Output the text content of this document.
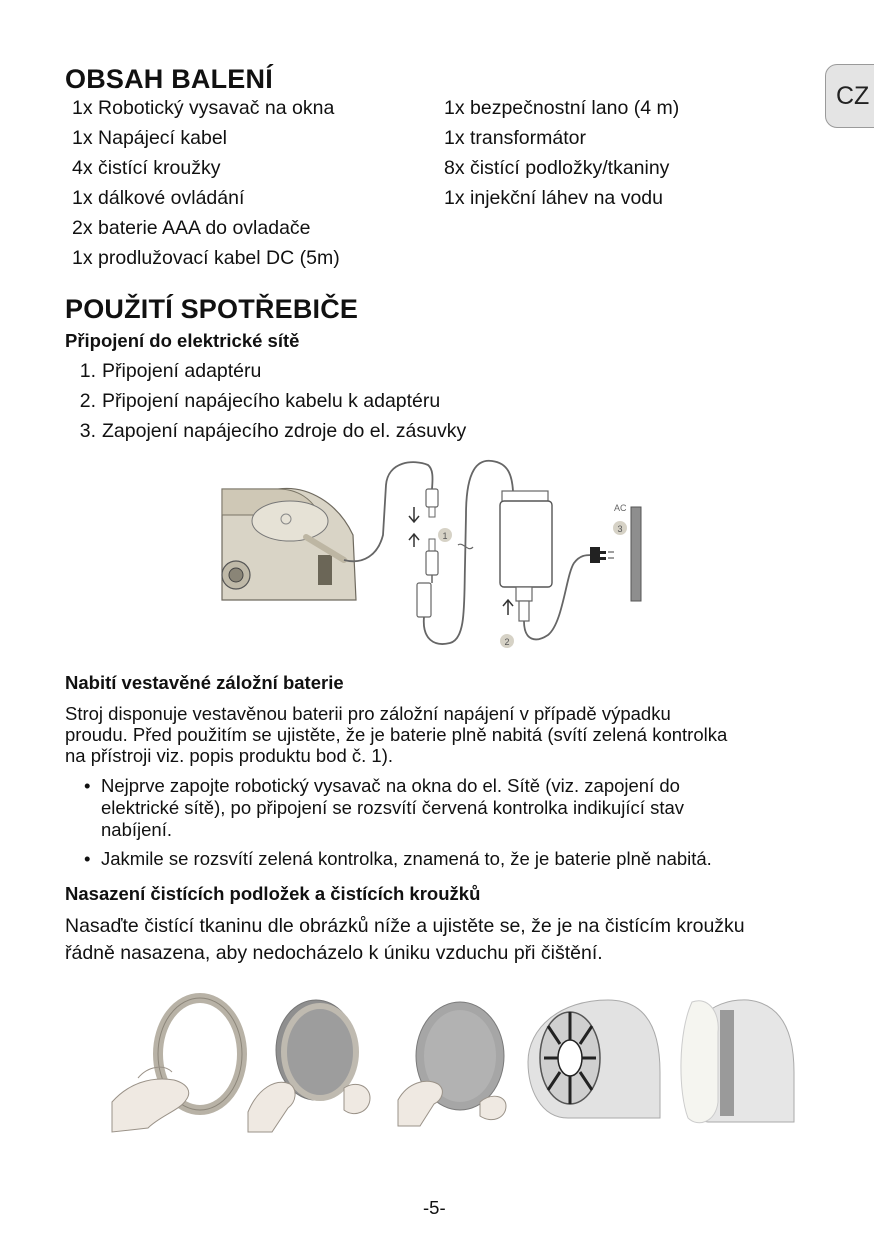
CZ
OBSAH BALENÍ
1x Robotický vysavač na okna
1x Napájecí kabel
4x čistící kroužky
1x dálkové ovládání
2x baterie AAA do ovladače
1x prodlužovací kabel DC (5m)
1x bezpečnostní lano (4 m)
1x transformátor
8x čistící podložky/tkaniny
1x injekční láhev na vodu
POUŽITÍ SPOTŘEBIČE
Připojení do elektrické sítě
1. Připojení adaptéru
2. Připojení napájecího kabelu k adaptéru
3. Zapojení napájecího zdroje do el. zásuvky
1
2
AC
3
Nabití vestavěné záložní baterie
Stroj disponuje vestavěnou baterii pro záložní napájení v případě výpadku
proudu. Před použitím se ujistěte, že je baterie plně nabitá (svítí zelená kontrolka
na přístroji viz. popis produktu bod č. 1).
• Nejprve zapojte robotický vysavač na okna do el. Sítě (viz. zapojení do
elektrické sítě), po připojení se rozsvítí červená kontrolka indikující stav
nabíjení.
• Jakmile se rozsvítí zelená kontrolka, znamená to, že je baterie plně nabitá.
Nasazení čistících podložek a čistících kroužků
Nasaďte čistící tkaninu dle obrázků níže a ujistěte se, že je na čistícím kroužku
řádně nasazena, aby nedocházelo k úniku vzduchu při čištění.
-5-
